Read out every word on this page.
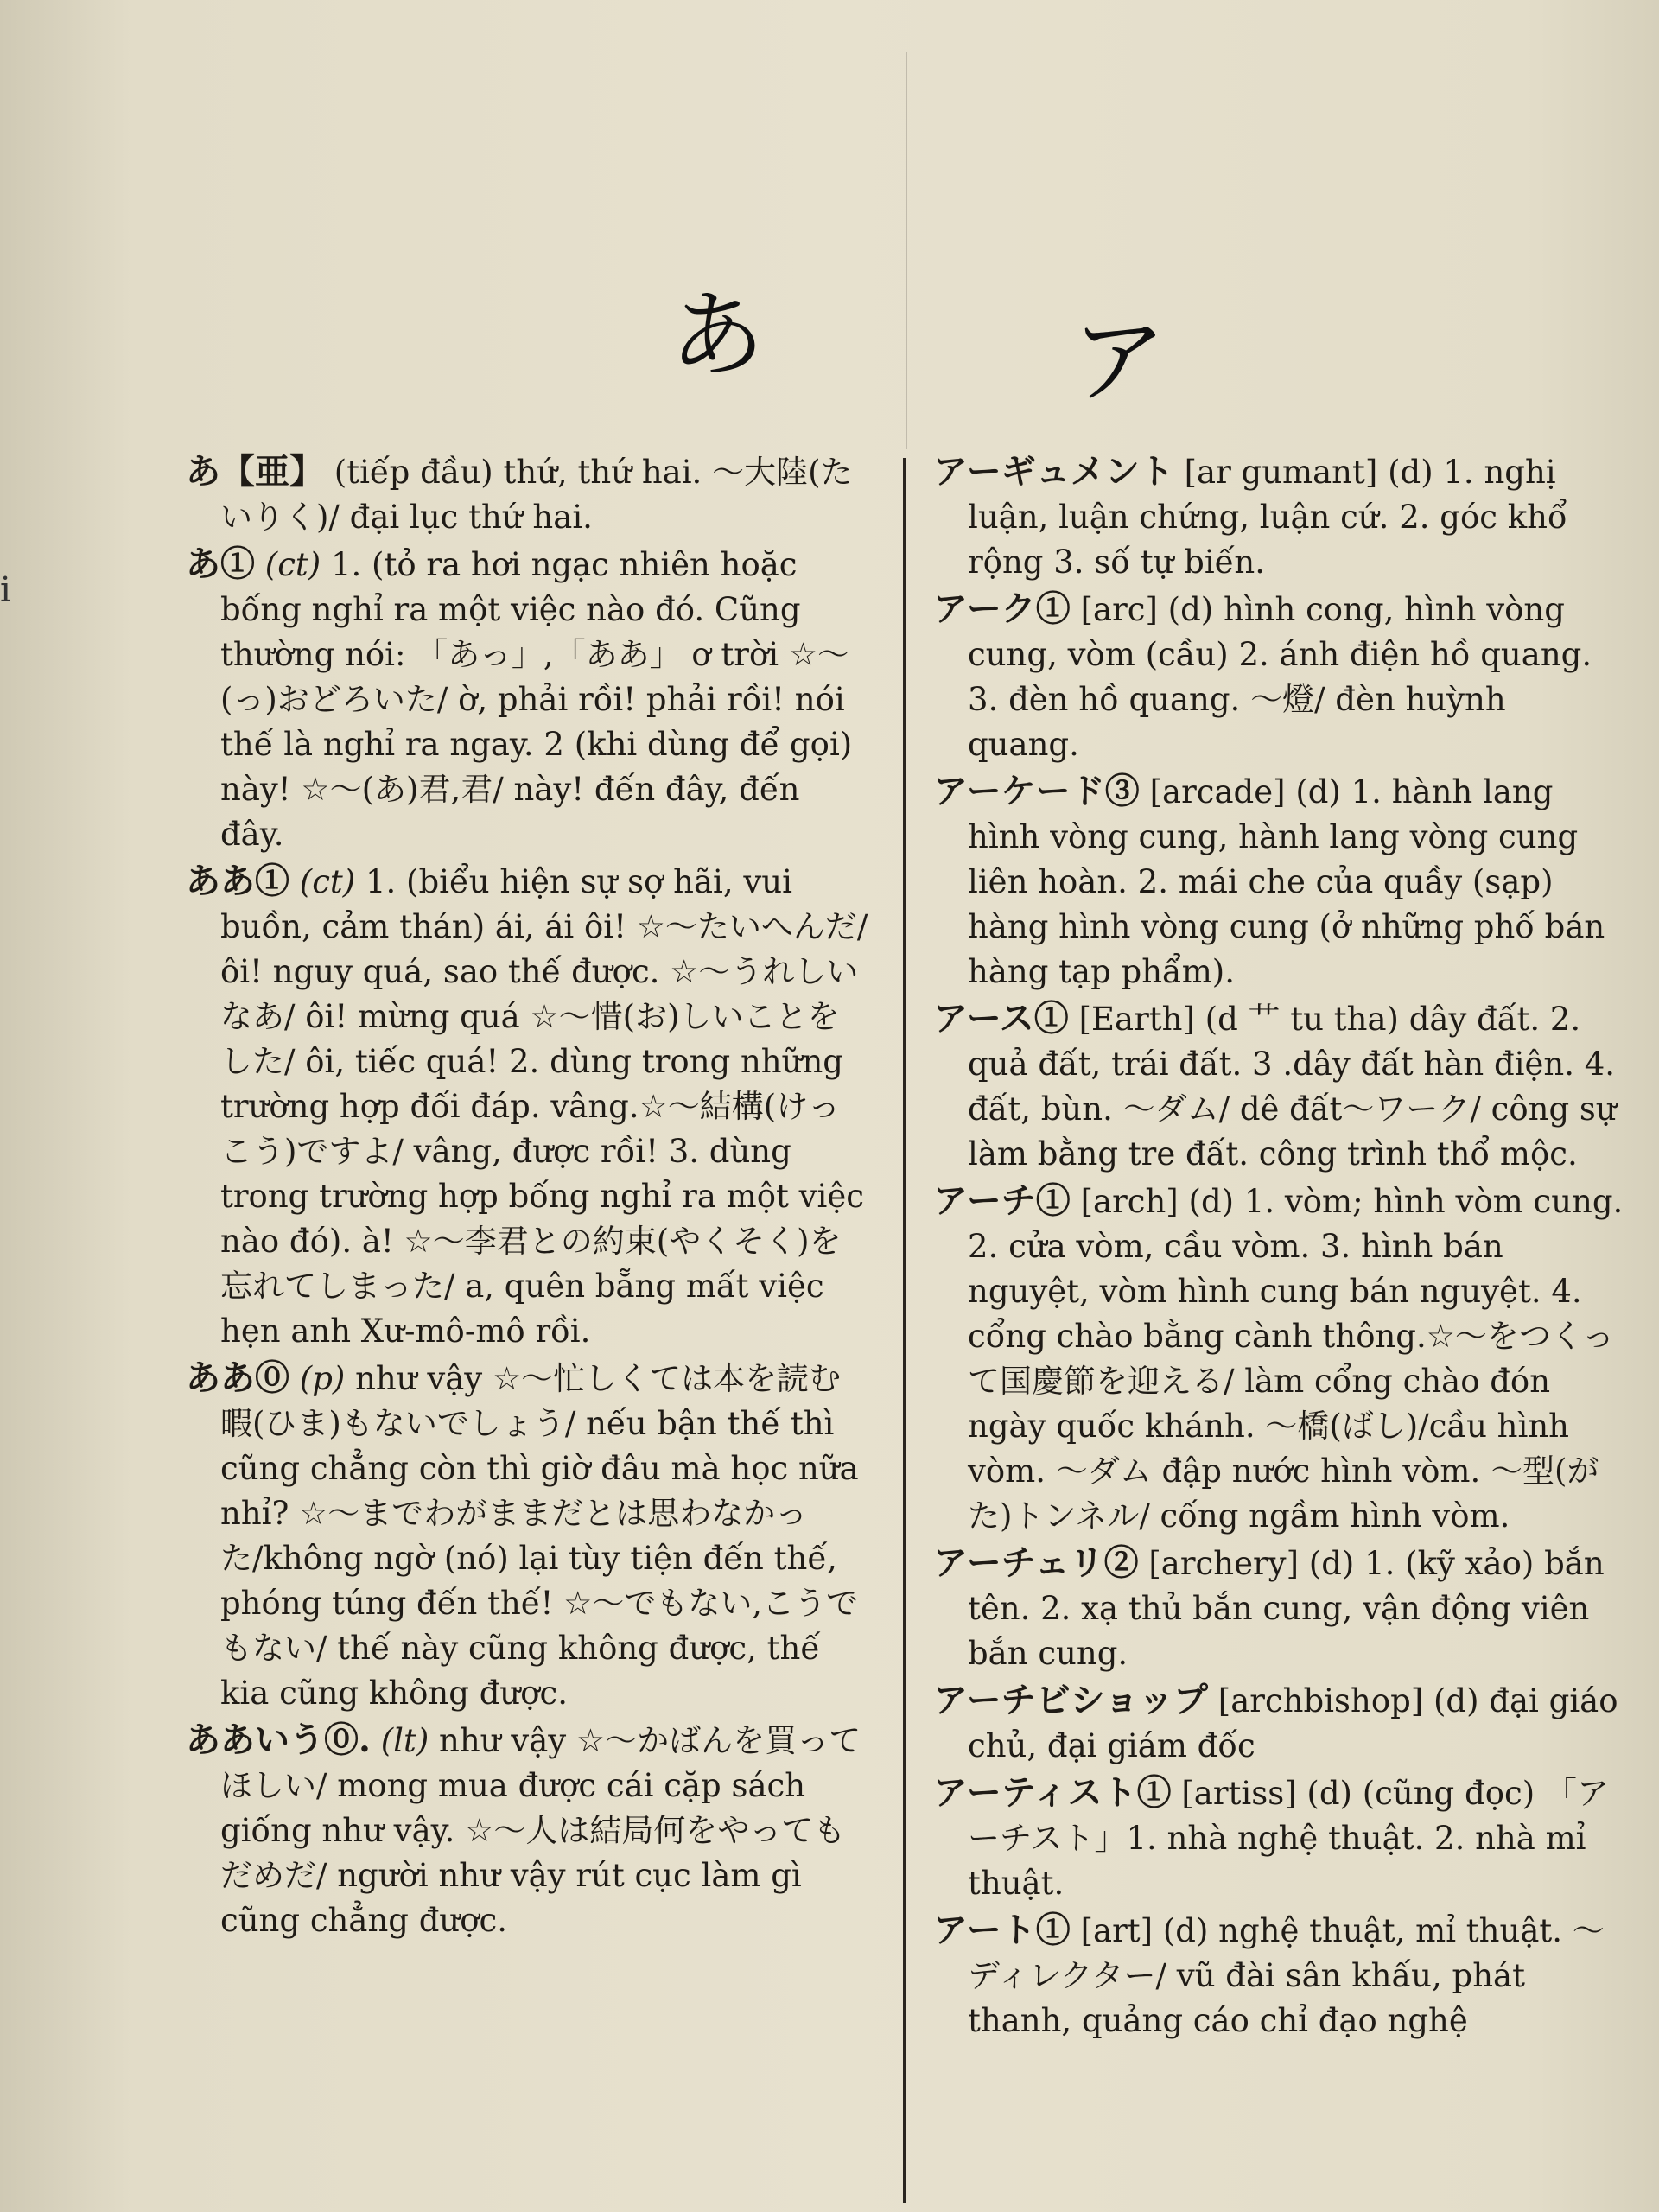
i
あ	ア

あ【亜】 (tiếp đầu) thứ, thứ hai. ～大陸(たいりく)/ đại lục thứ hai.

あ① (ct) 1. (tỏ ra hơi ngạc nhiên hoặc bống nghỉ ra một việc nào đó. Cũng thường nói: 「あっ」,「ああ」 ơ trời ☆～(っ)おどろいた/ ờ, phải rồi! phải rồi! nói thế là nghỉ ra ngay. 2 (khi dùng để gọi) này! ☆～(あ)君,君/ này! đến đây, đến đây.

ああ① (ct) 1. (biểu hiện sự sợ hãi, vui buồn, cảm thán) ái, ái ôi! ☆～たいへんだ/ ôi! nguy quá, sao thế được. ☆～うれしいなあ/ ôi! mừng quá ☆～惜(お)しいことをした/ ôi, tiếc quá! 2. dùng trong những trường hợp đối đáp. vâng.☆～結構(けっこう)ですよ/ vâng, được rồi! 3. dùng trong trường hợp bống nghỉ ra một việc nào đó). à! ☆～李君との約束(やくそく)を忘れてしまった/ a, quên bẵng mất việc hẹn anh Xư-mô-mô rồi.

ああ⓪ (p) như vậy ☆～忙しくては本を読む暇(ひま)もないでしょう/ nếu bận thế thì cũng chẳng còn thì giờ đâu mà học nữa nhỉ? ☆～までわがままだとは思わなかった/không ngờ (nó) lại tùy tiện đến thế, phóng túng đến thế! ☆～でもない,こうでもない/ thế này cũng không được, thế kia cũng không được.

ああいう⓪. (lt) như vậy ☆～かばんを買ってほしい/ mong mua được cái cặp sách giống như vậy. ☆～人は結局何をやってもだめだ/ người như vậy rút cục làm gì cũng chẳng được.

アーギュメント [ar gumant] (d) 1. nghị luận, luận chứng, luận cứ. 2. góc khổ rộng 3. số tự biến.

アーク① [arc] (d) hình cong, hình vòng cung, vòm (cầu) 2. ánh điện hồ quang. 3. đèn hồ quang. ～燈/ đèn huỳnh quang.

アーケード③ [arcade] (d) 1. hành lang hình vòng cung, hành lang vòng cung liên hoàn. 2. mái che của quầy (sạp) hàng hình vòng cung (ở những phố bán hàng tạp phẩm).

アース① [Earth] (d ⺾ tu tha) dây đất. 2. quả đất, trái đất. 3 .dây đất hàn điện. 4. đất, bùn. ～ダム/ dê đất～ワーク/ công sự làm bằng tre đất. công trình thổ mộc.

アーチ① [arch] (d) 1. vòm; hình vòm cung. 2. cửa vòm, cầu vòm. 3. hình bán nguyệt, vòm hình cung bán nguyệt. 4. cổng chào bằng cành thông.☆～をつくって国慶節を迎える/ làm cổng chào đón ngày quốc khánh. ～橋(ばし)/cầu hình vòm. ～ダム đập nước hình vòm. ～型(がた)トンネル/ cống ngầm hình vòm.

アーチェリ② [archery] (d) 1. (kỹ xảo) bắn tên. 2. xạ thủ bắn cung, vận động viên bắn cung.

アーチビショップ [archbishop] (d) đại giáo chủ, đại giám đốc

アーティスト① [artiss] (d) (cũng đọc) 「アーチスト」1. nhà nghệ thuật. 2. nhà mỉ thuật.

アート① [art] (d) nghệ thuật, mỉ thuật. ～ディレクター/ vũ đài sân khấu, phát thanh, quảng cáo chỉ đạo nghệ
